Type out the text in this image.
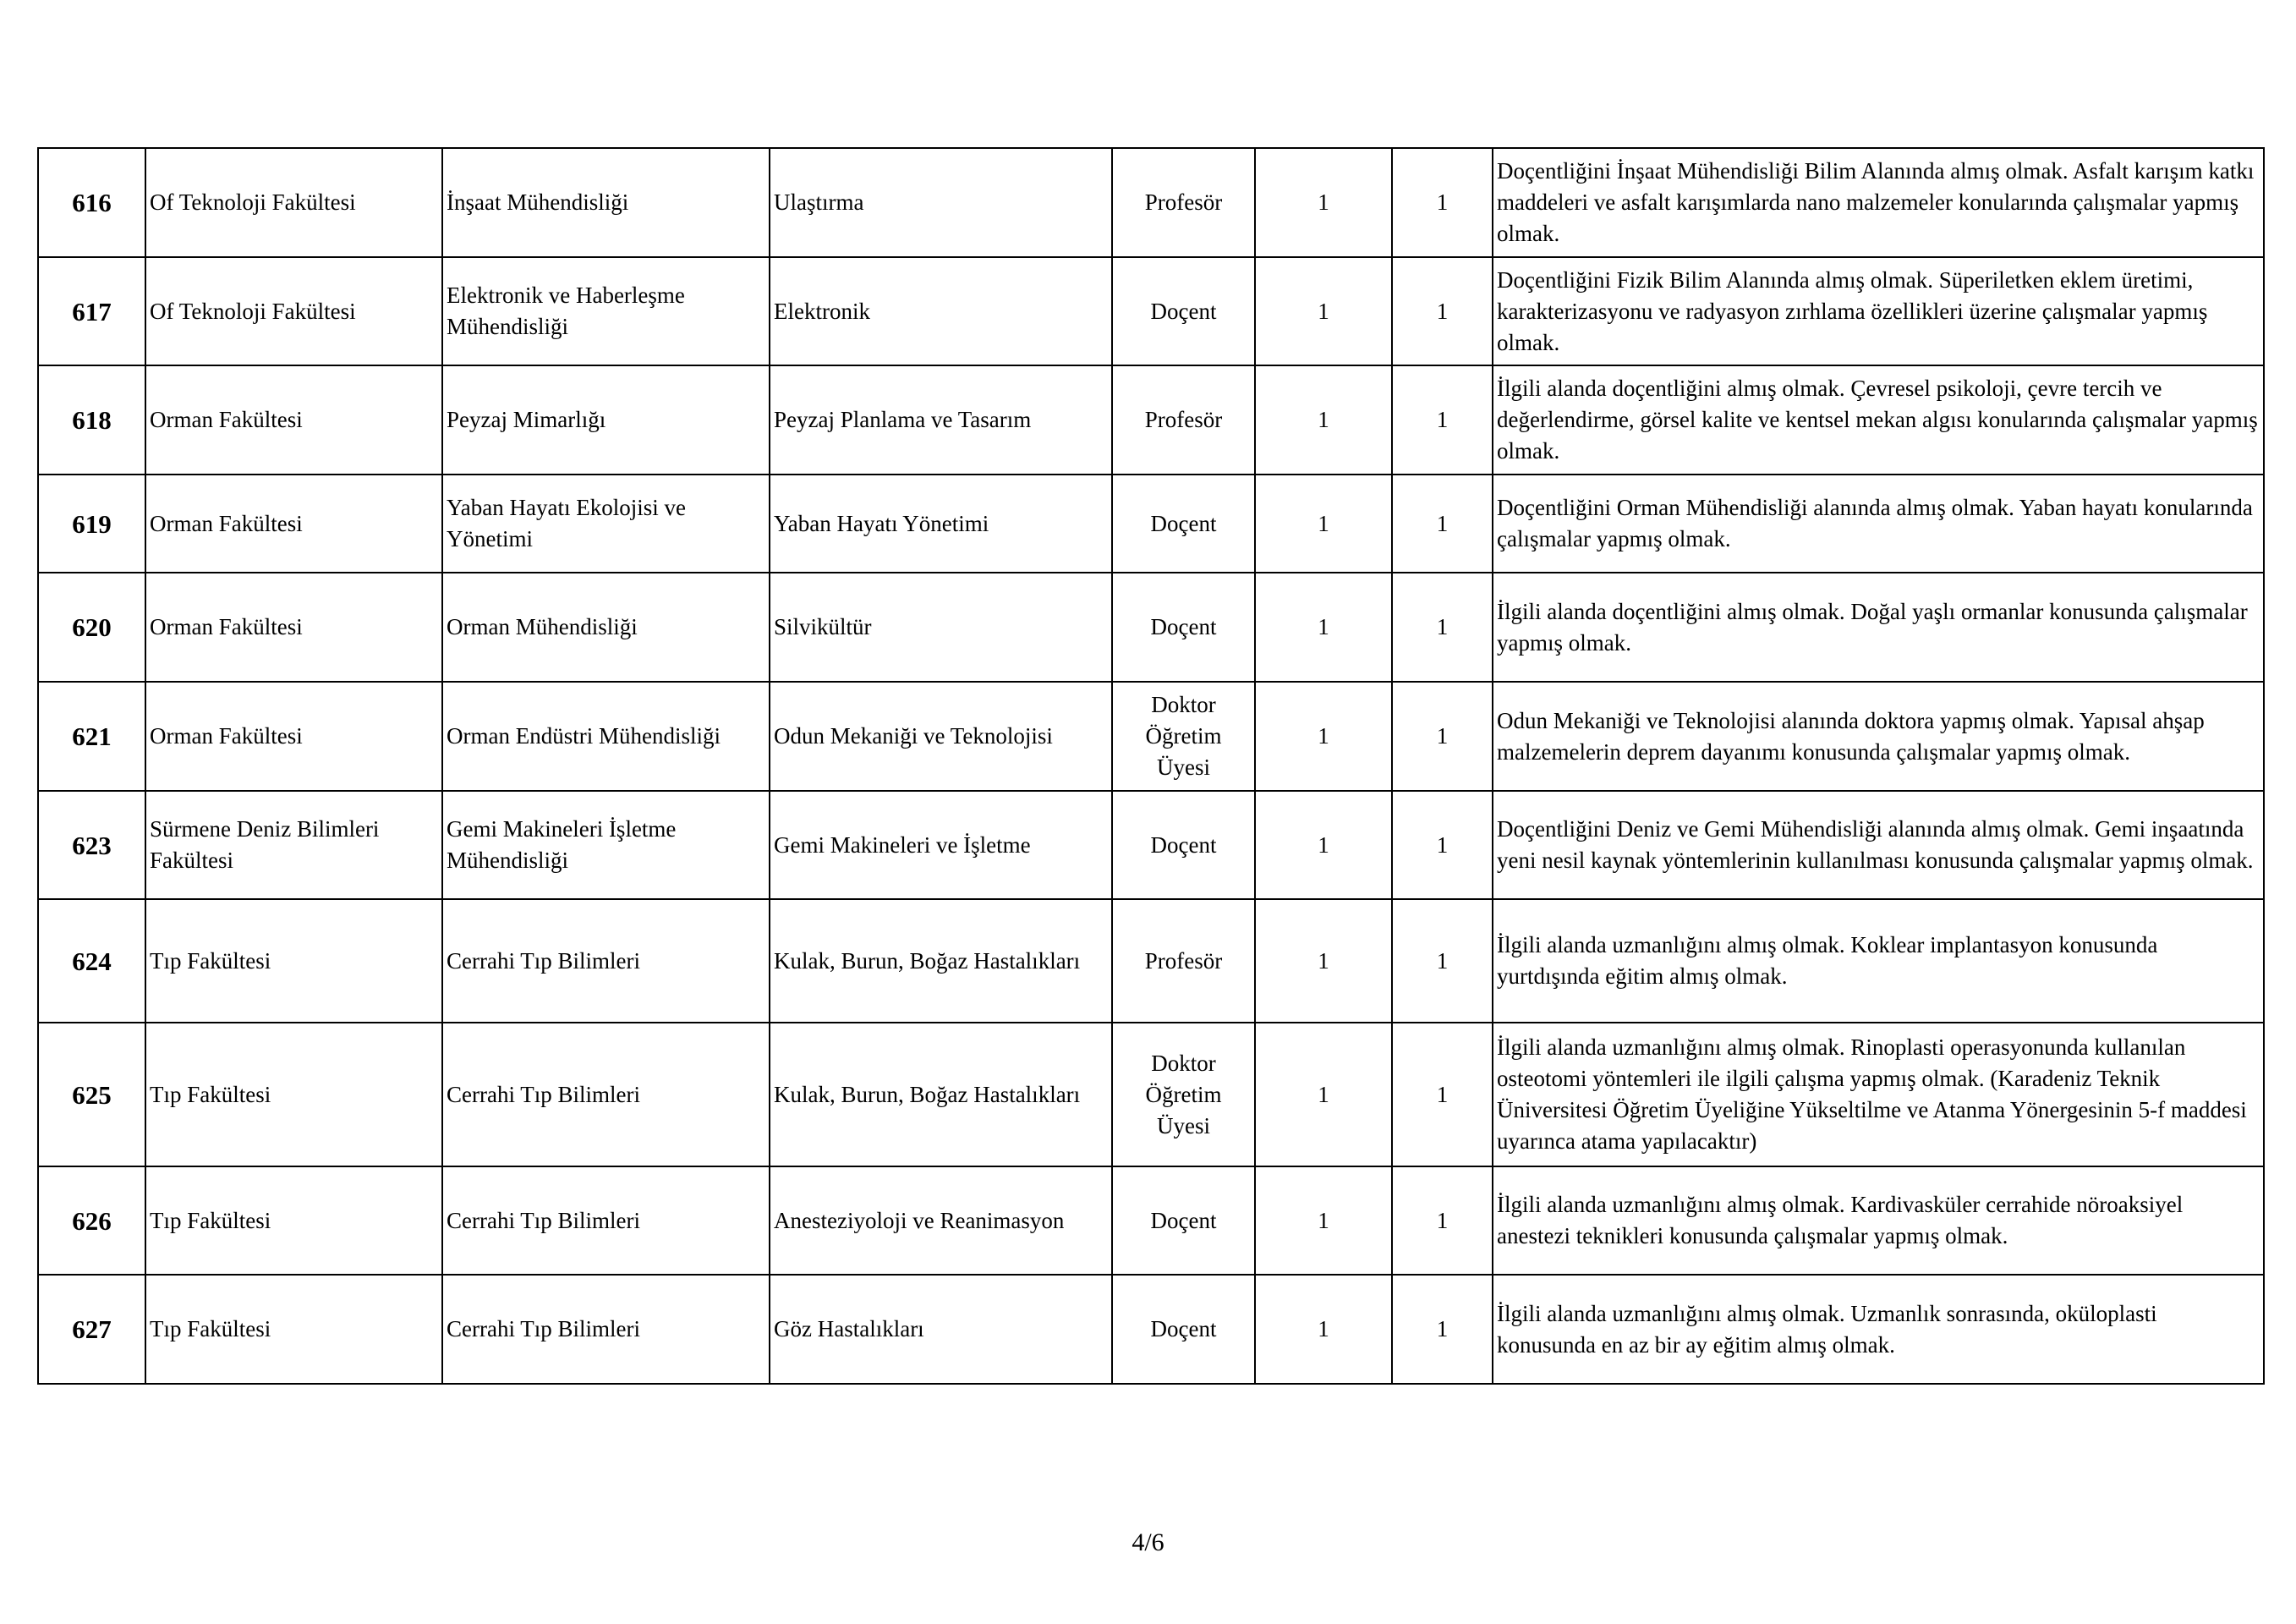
616	Of Teknoloji Fakültesi	İnşaat Mühendisliği	Ulaştırma	Profesör	1	1	Doçentliğini İnşaat Mühendisliği Bilim Alanında almış olmak. Asfalt karışım katkı maddeleri ve asfalt karışımlarda nano malzemeler konularında çalışmalar yapmış olmak.
617	Of Teknoloji Fakültesi	Elektronik ve Haberleşme Mühendisliği	Elektronik	Doçent	1	1	Doçentliğini Fizik Bilim Alanında almış olmak. Süperiletken eklem üretimi, karakterizasyonu ve radyasyon zırhlama özellikleri üzerine çalışmalar yapmış olmak.
618	Orman Fakültesi	Peyzaj Mimarlığı	Peyzaj Planlama ve Tasarım	Profesör	1	1	İlgili alanda doçentliğini almış olmak. Çevresel psikoloji, çevre tercih ve değerlendirme, görsel kalite ve kentsel mekan algısı konularında çalışmalar yapmış olmak.
619	Orman Fakültesi	Yaban Hayatı Ekolojisi ve Yönetimi	Yaban Hayatı Yönetimi	Doçent	1	1	Doçentliğini Orman Mühendisliği alanında almış olmak. Yaban hayatı konularında çalışmalar yapmış olmak.
620	Orman Fakültesi	Orman Mühendisliği	Silvikültür	Doçent	1	1	İlgili alanda doçentliğini almış olmak. Doğal yaşlı ormanlar konusunda çalışmalar yapmış olmak.
621	Orman Fakültesi	Orman Endüstri Mühendisliği	Odun Mekaniği ve Teknolojisi	Doktor Öğretim Üyesi	1	1	Odun Mekaniği ve Teknolojisi alanında doktora yapmış olmak. Yapısal ahşap malzemelerin deprem dayanımı konusunda çalışmalar yapmış olmak.
623	Sürmene Deniz Bilimleri Fakültesi	Gemi Makineleri İşletme Mühendisliği	Gemi Makineleri ve İşletme	Doçent	1	1	Doçentliğini Deniz ve Gemi Mühendisliği alanında almış olmak. Gemi inşaatında yeni nesil kaynak yöntemlerinin kullanılması konusunda çalışmalar yapmış olmak.
624	Tıp Fakültesi	Cerrahi Tıp Bilimleri	Kulak, Burun, Boğaz Hastalıkları	Profesör	1	1	İlgili alanda uzmanlığını almış olmak. Koklear implantasyon konusunda yurtdışında eğitim almış olmak.
625	Tıp Fakültesi	Cerrahi Tıp Bilimleri	Kulak, Burun, Boğaz Hastalıkları	Doktor Öğretim Üyesi	1	1	İlgili alanda uzmanlığını almış olmak. Rinoplasti operasyonunda kullanılan osteotomi yöntemleri ile ilgili çalışma yapmış olmak. (Karadeniz Teknik Üniversitesi Öğretim Üyeliğine Yükseltilme ve Atanma Yönergesinin 5-f maddesi uyarınca atama yapılacaktır)
626	Tıp Fakültesi	Cerrahi Tıp Bilimleri	Anesteziyoloji ve Reanimasyon	Doçent	1	1	İlgili alanda uzmanlığını almış olmak. Kardivasküler cerrahide nöroaksiyel anestezi teknikleri konusunda çalışmalar yapmış olmak.
627	Tıp Fakültesi	Cerrahi Tıp Bilimleri	Göz Hastalıkları	Doçent	1	1	İlgili alanda uzmanlığını almış olmak. Uzmanlık sonrasında, oküloplasti konusunda en az bir ay eğitim almış olmak.
4/6
